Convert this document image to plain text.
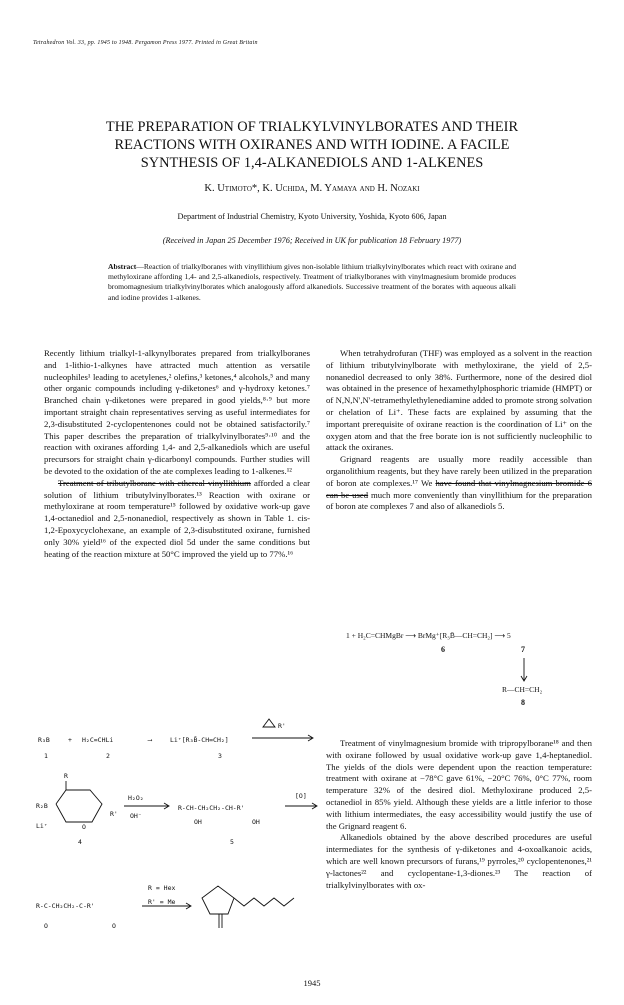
Tetrahedron Vol. 33, pp. 1945 to 1948. Pergamon Press 1977. Printed in Great Britain
THE PREPARATION OF TRIALKYLVINYLBORATES AND THEIR
REACTIONS WITH OXIRANES AND WITH IODINE. A FACILE
SYNTHESIS OF 1,4-ALKANEDIOLS AND 1-ALKENES
K. Utimoto*, K. Uchida, M. Yamaya and H. Nozaki
Department of Industrial Chemistry, Kyoto University, Yoshida, Kyoto 606, Japan
(Received in Japan 25 December 1976; Received in UK for publication 18 February 1977)
Abstract—Reaction of trialkylboranes with vinyllithium gives non-isolable lithium trialkylvinylborates which react with oxirane and methyloxirane affording 1,4- and 2,5-alkanediols, respectively. Treatment of trialkylboranes with vinylmagnesium bromide produces bromomagnesium trialkylvinylborates which analogously afford alkanediols. Successive treatment of the borates with aqueous alkali and iodine provides 1-alkenes.

Recently lithium trialkyl-1-alkynylborates prepared from trialkylboranes and 1-lithio-1-alkynes have attracted much attention as versatile nucleophiles¹ leading to acetylenes,² olefins,³ ketones,⁴ alcohols,⁵ and many other organic compounds including γ-diketones⁶ and γ-hydroxy ketones.⁷ Branched chain γ-diketones were prepared in good yields,⁸·⁹ but more important straight chain representatives serving as useful intermediates for 2,3-disubstituted 2-cyclopentenones could not be obtained satisfactorily.⁷ This paper describes the preparation of trialkylvinylborates⁹·¹⁰ and the reaction with oxiranes affording 1,4- and 2,5-alkanediols which are useful precursors for straight chain γ-dicarbonyl compounds. Further studies will be devoted to the oxidation of the ate complexes leading to 1-alkenes.¹²

Treatment of tributylborane with ethereal vinyllithium afforded a clear solution of lithium tributylvinylborates.¹³ Reaction with oxirane or methyloxirane at room temperature¹⁵ followed by oxidative work-up gave 1,4-octanediol and 2,5-nonanediol, respectively as shown in Table 1. cis-1,2-Epoxycyclohexane, an example of 2,3-disubstituted oxirane, furnished only 30% yield¹⁶ of the expected diol 5d under the same conditions but heating of the reaction mixture at 50°C improved the yield up to 77%.¹⁶

When tetrahydrofuran (THF) was employed as a solvent in the reaction of lithium tributylvinylborate with methyloxirane, the yield of 2,5-nonanediol decreased to only 38%. Furthermore, none of the desired diol was obtained in the presence of hexamethylphosphoric triamide (HMPT) or of N,N,N',N'-tetramethylethylenediamine added to promote strong solvation or chelation of Li⁺. These facts are explained by assuming that the important prerequisite of oxirane reaction is the coordination of Li⁺ on the oxygen atom and that the free borate ion is not sufficiently nucleophilic to attack the oxiranes.

Grignard reagents are usually more readily accessible than organolithium reagents, but they have rarely been utilized in the preparation of boron ate complexes.¹⁷ We have found that vinylmagnesium bromide 6 can be used much more conveniently than vinyllithium for the preparation of boron ate complexes 7 and also of alkanediols 5.

1 + H₂C=CHMgBr ⟶ BrMg⁺[R₃B̄—CH=CH₂] ⟶ 5
6	7
R—CH=CH₂
8

Treatment of vinylmagnesium bromide with tripropylborane¹⁸ and then with oxirane followed by usual oxidative work-up gave 1,4-heptanediol. The yields of the diols were dependent upon the reaction temperature: treatment with oxirane at −78°C gave 61%, −20°C 76%, 0°C 77%, room temperature 32% of the desired diol. Methyloxirane produced 2,5-octanediol in 85% yield. Although these yields are a little inferior to those with lithium intermediates, the easy accessibility would justify the use of the Grignard reagent 6.

Alkanediols obtained by the above described procedures are useful intermediates for the synthesis of γ-diketones and 4-oxoalkanoic acids, which are well known precursors of furans,¹⁹ pyrroles,²⁰ cyclopentenones,²¹ γ-lactones²² and cyclopentane-1,3-diones.²³ The reaction of trialkylvinylborates with ox-

R₃B	+ H₂C=CHLi	⟶	Li⁺[R₃B̄-CH=CH₂]
1	2	3
R'
R
R₂B
Li⁺	O
R'
4
H₂O₂
OH⁻
R-CH-CH₂CH₂-CH-R'
OH	OH
5
[O]
R-C-CH₂CH₂-C-R'
O	O
R = Hex
R' = Me
1945
